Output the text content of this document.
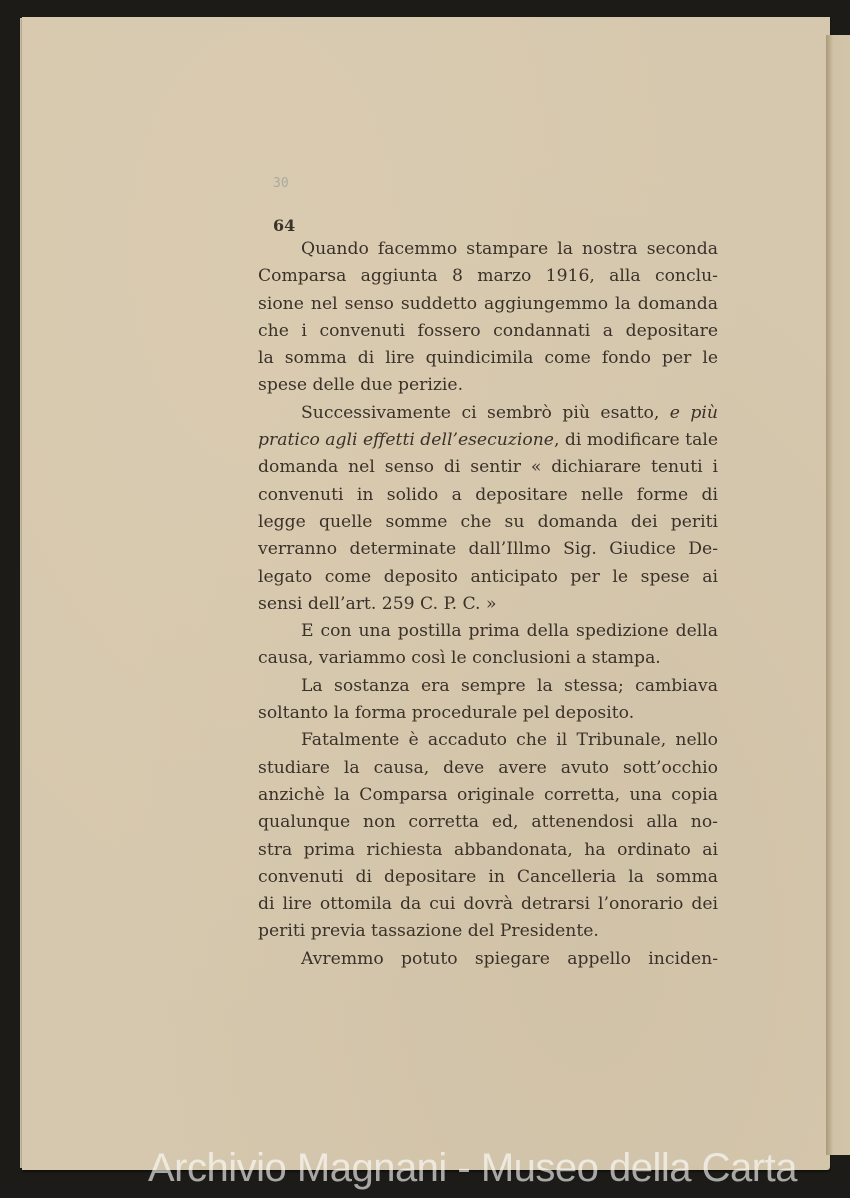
30
64
Quando facemmo stampare la nostra seconda
Comparsa aggiunta 8 marzo 1916, alla conclu-
sione nel senso suddetto aggiungemmo la domanda
che i convenuti fossero condannati a depositare
la somma di lire quindicimila come fondo per le
spese delle due perizie.
Successivamente ci sembrò più esatto, e più
pratico agli effetti dell’esecuzione, di modificare tale
domanda nel senso di sentir « dichiarare tenuti i
convenuti in solido a depositare nelle forme di
legge quelle somme che su domanda dei periti
verranno determinate dall’Illmo Sig. Giudice De-
legato come deposito anticipato per le spese ai
sensi dell’art. 259 C. P. C. »
E con una postilla prima della spedizione della
causa, variammo così le conclusioni a stampa.
La sostanza era sempre la stessa; cambiava
soltanto la forma procedurale pel deposito.
Fatalmente è accaduto che il Tribunale, nello
studiare la causa, deve avere avuto sott’occhio
anzichè la Comparsa originale corretta, una copia
qualunque non corretta ed, attenendosi alla no-
stra prima richiesta abbandonata, ha ordinato ai
convenuti di depositare in Cancelleria la somma
di lire ottomila da cui dovrà detrarsi l’onorario dei
periti previa tassazione del Presidente.
Avremmo potuto spiegare appello inciden-
Archivio Magnani - Museo della Carta
